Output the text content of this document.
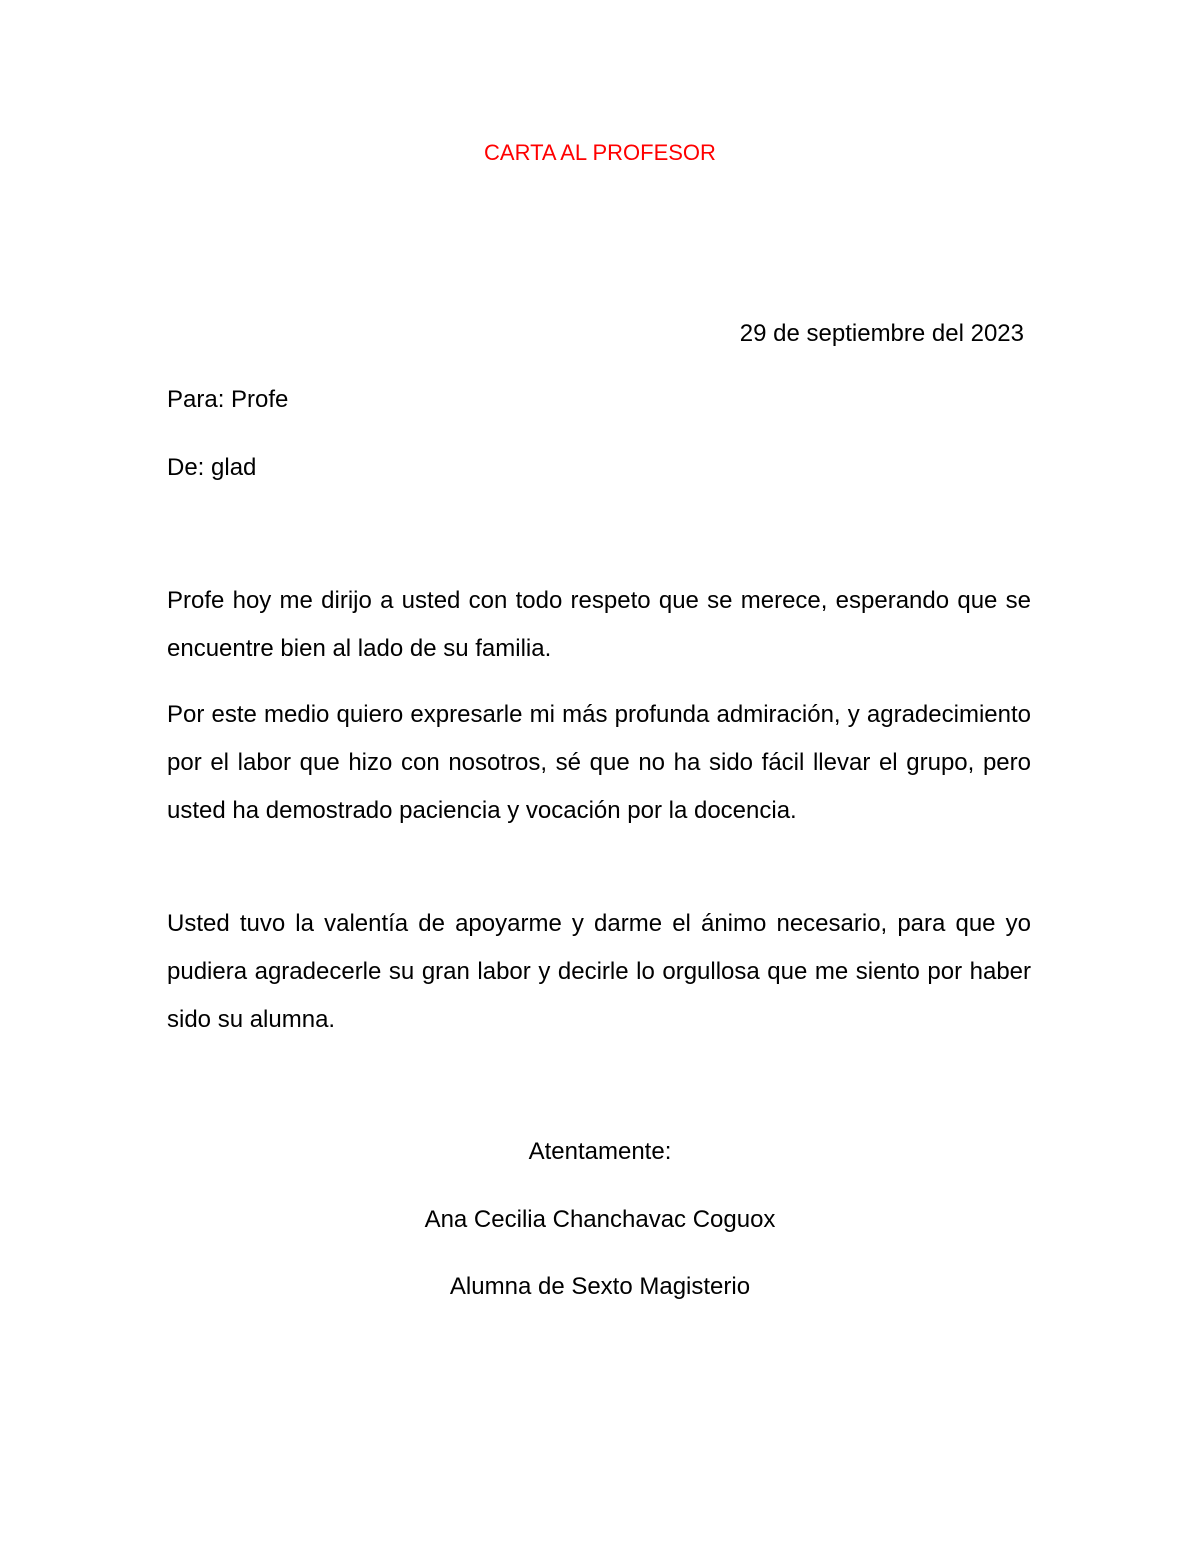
CARTA AL PROFESOR

29 de septiembre del 2023

Para: Profe

De: glad

Profe hoy me dirijo a usted con todo respeto que se merece, esperando que se encuentre bien al lado de su familia.

Por este medio quiero expresarle mi más profunda admiración, y agradecimiento por el labor que hizo con nosotros, sé que no ha sido fácil llevar el grupo, pero usted ha demostrado paciencia y vocación por la docencia.

Usted tuvo la valentía de apoyarme y darme el ánimo necesario, para que yo pudiera agradecerle su gran labor y decirle lo orgullosa que me siento por haber sido su alumna.

Atentamente:

Ana Cecilia Chanchavac Coguox

Alumna de Sexto Magisterio
